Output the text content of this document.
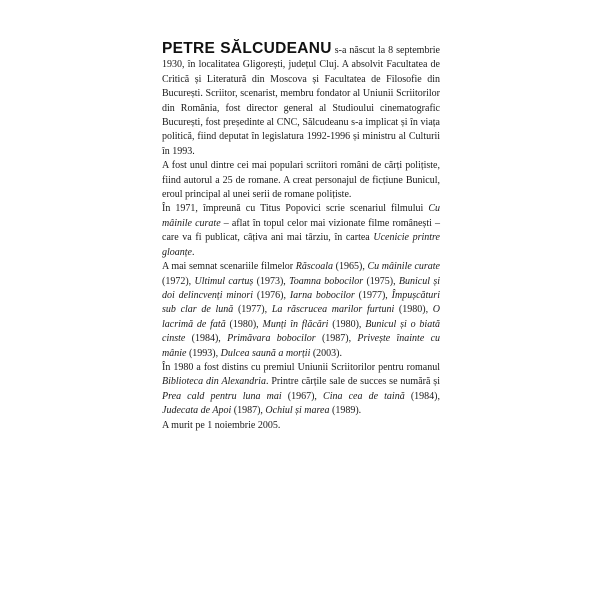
PETRE SĂLCUDEANU s-a născut la 8 septembrie 1930, în localitatea Gligorești, județul Cluj. A absolvit Facultatea de Critică și Literatură din Moscova și Facultatea de Filosofie din București. Scriitor, scenarist, membru fondator al Uniunii Scriitorilor din România, fost director general al Studioului cinematografic București, fost președinte al CNC, Sălcudeanu s-a implicat și în viața politică, fiind deputat în legislatura 1992-1996 și ministru al Culturii în 1993.

A fost unul dintre cei mai populari scriitori români de cărți polițiste, fiind autorul a 25 de romane. A creat personajul de ficțiune Bunicul, eroul principal al unei serii de romane polițiste.

În 1971, împreună cu Titus Popovici scrie scenariul filmului Cu mâinile curate – aflat în topul celor mai vizionate filme românești – care va fi publicat, câțiva ani mai târziu, în cartea Ucenicie printre gloanțe.

A mai semnat scenariile filmelor Răscoala (1965), Cu mâinile curate (1972), Ultimul cartuș (1973), Toamna bobocilor (1975), Bunicul și doi delincvenți minori (1976), Iarna bobocilor (1977), Împușcături sub clar de lună (1977), La răscrucea marilor furtuni (1980), O lacrimă de fată (1980), Munți în flăcări (1980), Bunicul și o biată cinste (1984), Primăvara bobocilor (1987), Privește înainte cu mânie (1993), Dulcea saună a morții (2003).

În 1980 a fost distins cu premiul Uniunii Scriitorilor pentru romanul Biblioteca din Alexandria. Printre cărțile sale de succes se numără și Prea cald pentru luna mai (1967), Cina cea de taină (1984), Judecata de Apoi (1987), Ochiul și marea (1989).

A murit pe 1 noiembrie 2005.
